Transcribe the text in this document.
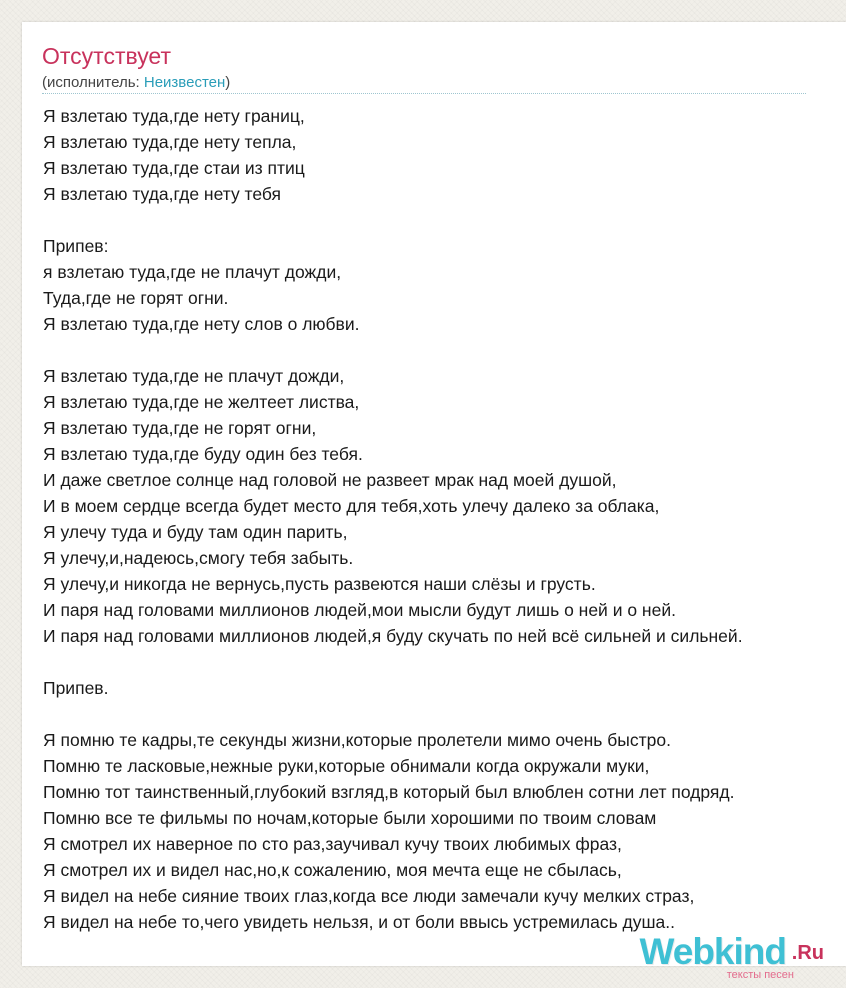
Отсутствует
(исполнитель: Неизвестен)
Я взлетаю туда,где нету границ,
Я взлетаю туда,где нету тепла,
Я взлетаю туда,где стаи из птиц
Я взлетаю туда,где нету тебя
Припев:
я взлетаю туда,где не плачут дожди,
Туда,где не горят огни.
Я взлетаю туда,где нету слов о любви.
Я взлетаю туда,где не плачут дожди,
Я взлетаю туда,где не желтеет листва,
Я взлетаю туда,где не горят огни,
Я взлетаю туда,где буду один без тебя.
И даже светлое солнце над головой не развеет мрак над моей душой,
И в моем сердце всегда будет место для тебя,хоть улечу далеко за облака,
Я улечу туда и буду там один парить,
Я улечу,и,надеюсь,смогу тебя забыть.
Я улечу,и никогда не вернусь,пусть развеются наши слёзы и грусть.
И паря над головами миллионов людей,мои мысли будут лишь о ней и о ней.
И паря над головами миллионов людей,я буду скучать по ней всё сильней и сильней.
Припев.
Я помню те кадры,те секунды жизни,которые пролетели мимо очень быстро.
Помню те ласковые,нежные руки,которые обнимали когда окружали муки,
Помню тот таинственный,глубокий взгляд,в который был влюблен сотни лет подряд.
Помню все те фильмы по ночам,которые были хорошими по твоим словам
Я смотрел их наверное по сто раз,заучивал кучу твоих любимых фраз,
Я смотрел их и видел нас,но,к сожалению, моя мечта еще не сбылась,
Я видел на небе сияние твоих глаз,когда все люди замечали кучу мелких страз,
Я видел на небе то,чего увидеть нельзя, и от боли ввысь устремилась душа..
Webkind .Ru
тексты песен
